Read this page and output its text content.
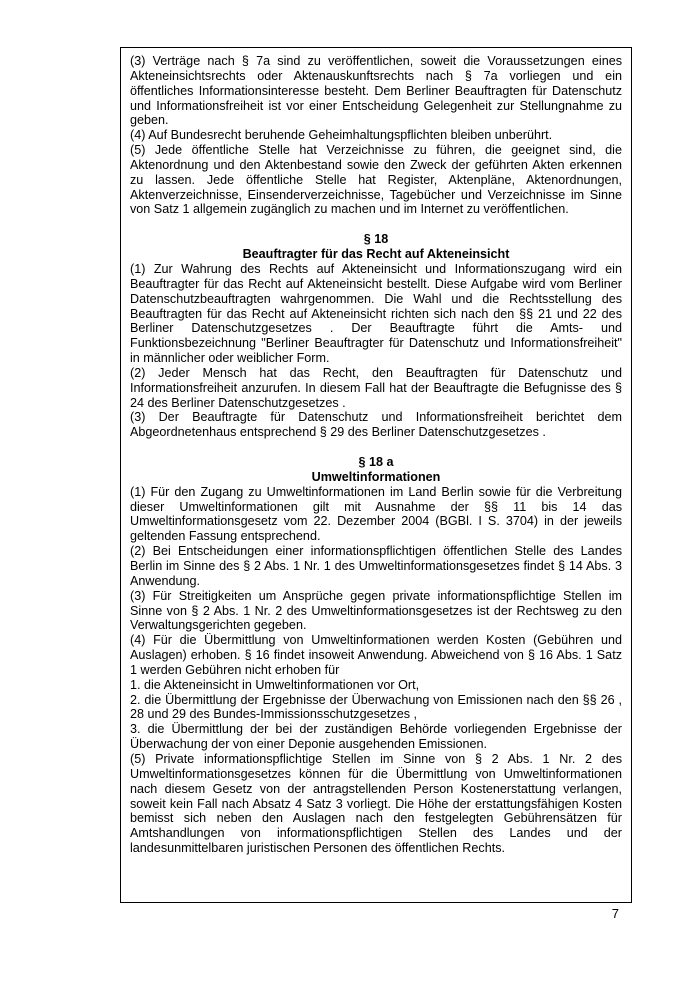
(3) Verträge nach § 7a sind zu veröffentlichen, soweit die Voraussetzungen eines Akteneinsichtsrechts oder Aktenauskunftsrechts nach § 7a vorliegen und ein öffentliches Informationsinteresse besteht. Dem Berliner Beauftragten für Datenschutz und Informationsfreiheit ist vor einer Entscheidung Gelegenheit zur Stellungnahme zu geben.

(4) Auf Bundesrecht beruhende Geheimhaltungspflichten bleiben unberührt.

(5) Jede öffentliche Stelle hat Verzeichnisse zu führen, die geeignet sind, die Aktenordnung und den Aktenbestand sowie den Zweck der geführten Akten erkennen zu lassen. Jede öffentliche Stelle hat Register, Aktenpläne, Aktenordnungen, Aktenverzeichnisse, Einsenderverzeichnisse, Tagebücher und Verzeichnisse im Sinne von Satz 1 allgemein zugänglich zu machen und im Internet zu veröffentlichen.

§ 18

Beauftragter für das Recht auf Akteneinsicht

(1) Zur Wahrung des Rechts auf Akteneinsicht und Informationszugang wird ein Beauftragter für das Recht auf Akteneinsicht bestellt. Diese Aufgabe wird vom Berliner Datenschutzbeauftragten wahrgenommen. Die Wahl und die Rechtsstellung des Beauftragten für das Recht auf Akteneinsicht richten sich nach den §§ 21 und 22 des Berliner Datenschutzgesetzes . Der Beauftragte führt die Amts- und Funktionsbezeichnung "Berliner Beauftragter für Datenschutz und Informationsfreiheit" in männlicher oder weiblicher Form.

(2) Jeder Mensch hat das Recht, den Beauftragten für Datenschutz und Informationsfreiheit anzurufen. In diesem Fall hat der Beauftragte die Befugnisse des § 24 des Berliner Datenschutzgesetzes .

(3) Der Beauftragte für Datenschutz und Informationsfreiheit berichtet dem Abgeordnetenhaus entsprechend § 29 des Berliner Datenschutzgesetzes .

§ 18 a

Umweltinformationen

(1) Für den Zugang zu Umweltinformationen im Land Berlin sowie für die Verbreitung dieser Umweltinformationen gilt mit Ausnahme der §§ 11 bis 14 das Umweltinformationsgesetz vom 22. Dezember 2004 (BGBl. I S. 3704) in der jeweils geltenden Fassung entsprechend.

(2) Bei Entscheidungen einer informationspflichtigen öffentlichen Stelle des Landes Berlin im Sinne des § 2 Abs. 1 Nr. 1 des Umweltinformationsgesetzes findet § 14 Abs. 3 Anwendung.

(3) Für Streitigkeiten um Ansprüche gegen private informationspflichtige Stellen im Sinne von § 2 Abs. 1 Nr. 2 des Umweltinformationsgesetzes ist der Rechtsweg zu den Verwaltungsgerichten gegeben.

(4) Für die Übermittlung von Umweltinformationen werden Kosten (Gebühren und Auslagen) erhoben. § 16 findet insoweit Anwendung. Abweichend von § 16 Abs. 1 Satz 1 werden Gebühren nicht erhoben für

1. die Akteneinsicht in Umweltinformationen vor Ort,

2. die Übermittlung der Ergebnisse der Überwachung von Emissionen nach den §§ 26 , 28 und 29 des Bundes-Immissionsschutzgesetzes ,

3. die Übermittlung der bei der zuständigen Behörde vorliegenden Ergebnisse der Überwachung der von einer Deponie ausgehenden Emissionen.

(5) Private informationspflichtige Stellen im Sinne von § 2 Abs. 1 Nr. 2 des Umweltinformationsgesetzes können für die Übermittlung von Umweltinformationen nach diesem Gesetz von der antragstellenden Person Kostenerstattung verlangen, soweit kein Fall nach Absatz 4 Satz 3 vorliegt. Die Höhe der erstattungsfähigen Kosten bemisst sich neben den Auslagen nach den festgelegten Gebührensätzen für Amtshandlungen von informationspflichtigen Stellen des Landes und der landesunmittelbaren juristischen Personen des öffentlichen Rechts.

7
